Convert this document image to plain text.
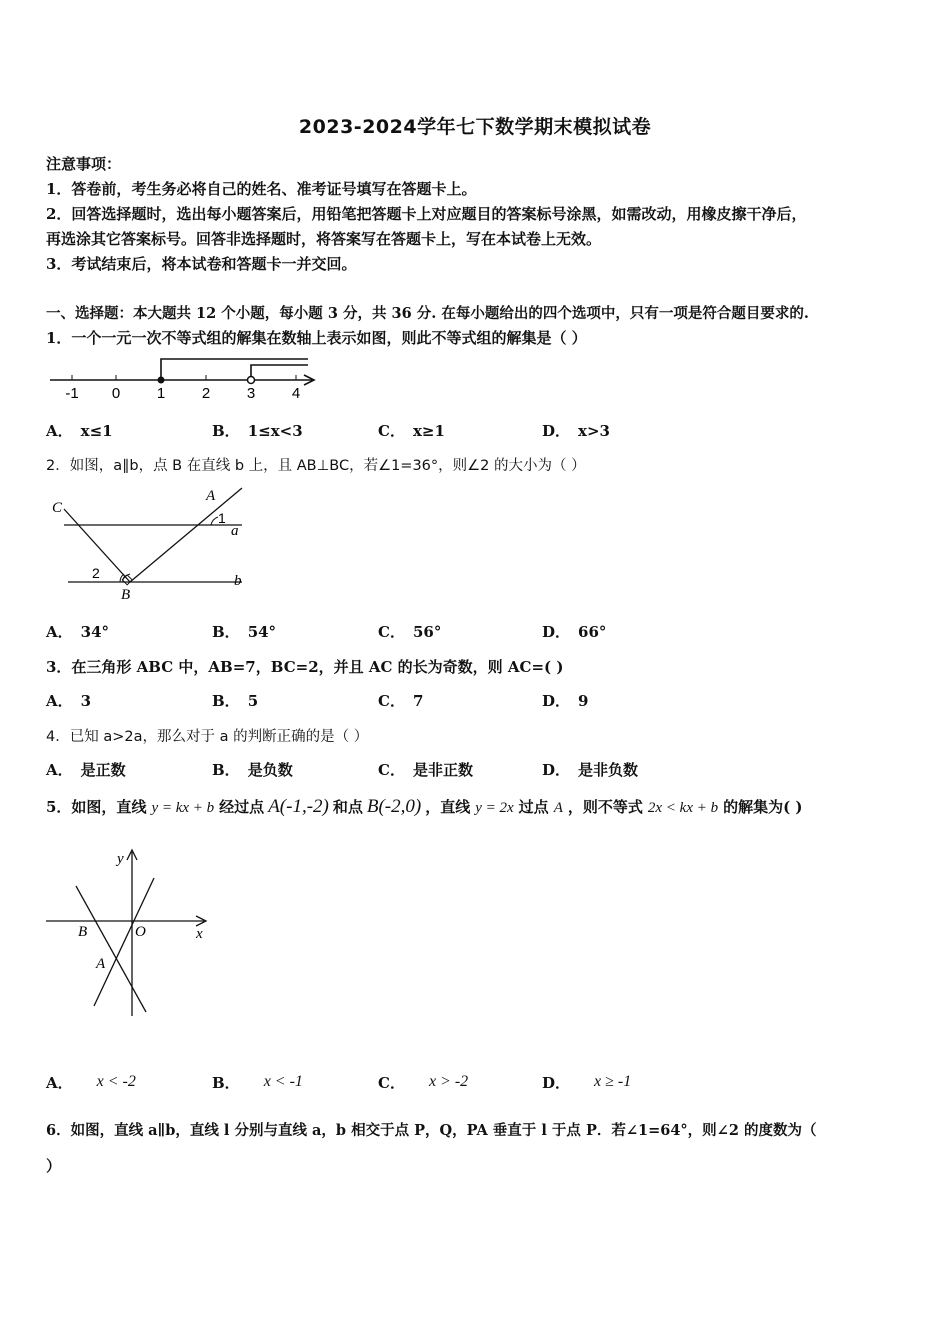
2023-2024学年七下数学期末模拟试卷
注意事项：
1．答卷前，考生务必将自己的姓名、准考证号填写在答题卡上。
2．回答选择题时，选出每小题答案后，用铅笔把答题卡上对应题目的答案标号涂黑，如需改动，用橡皮擦干净后，
再选涂其它答案标号。回答非选择题时，将答案写在答题卡上，写在本试卷上无效。
3．考试结束后，将本试卷和答题卡一并交回。
一、选择题：本大题共 12 个小题，每小题 3 分，共 36 分. 在每小题给出的四个选项中，只有一项是符合题目要求的.
1．一个一元一次不等式组的解集在数轴上表示如图，则此不等式组的解集是（ ）
-1 0 1 2 3 4
A． x≤1	B． 1≤x<3	C． x≥1	D． x>3
2．如图，a∥b，点 B 在直线 b 上，且 AB⊥BC，若∠1=36°，则∠2 的大小为（ ）
C
A
1
a
2	b
B
A． 34°	B． 54°	C． 56°	D． 66°
3．在三角形 ABC 中，AB=7，BC=2，并且 AC 的长为奇数，则 AC=( )
A． 3	B． 5	C． 7	D． 9
4．已知 a>2a，那么对于 a 的判断正确的是（ ）
A． 是正数	B． 是负数	C． 是非正数	D． 是非负数
5．如图，直线 y = kx + b 经过点 A(-1,-2) 和点 B(-2,0) ，直线 y = 2x 过点 A ，则不等式 2x < kx + b 的解集为( )
y
x
O
B
A
A． x < -2	B． x < -1	C． x > -2	D． x ≥ -1
6．如图，直线 a∥b，直线 l 分别与直线 a，b 相交于点 P，Q，PA 垂直于 l 于点 P．若∠1=64°，则∠2 的度数为（
）
